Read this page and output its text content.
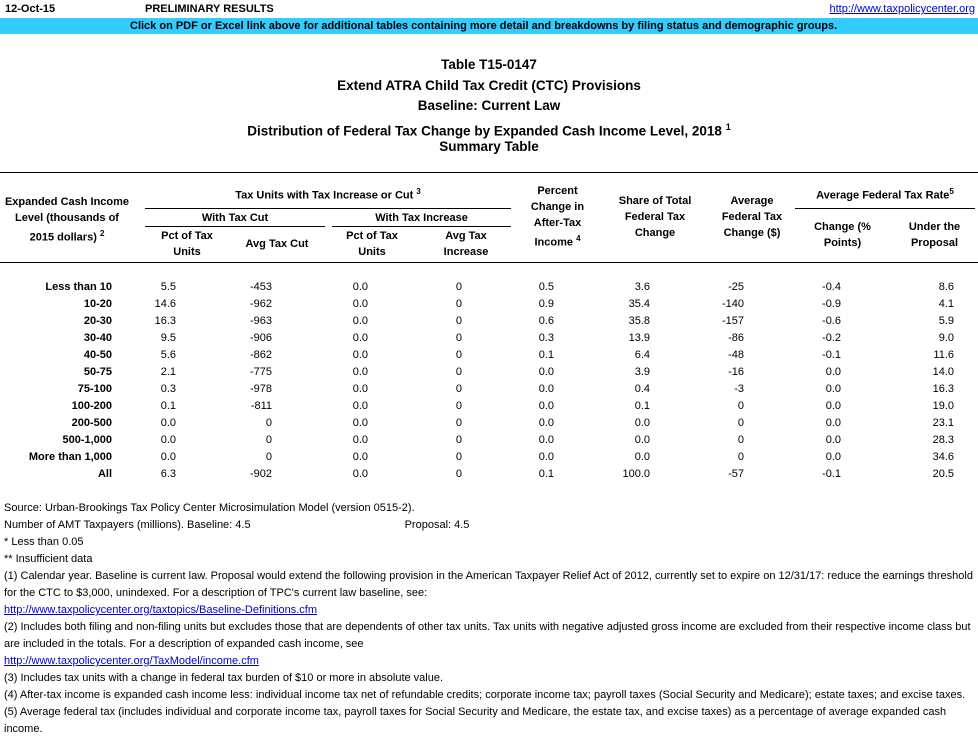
12-Oct-15	PRELIMINARY RESULTS	http://www.taxpolicycenter.org
Click on PDF or Excel link above for additional tables containing more detail and breakdowns by filing status and demographic groups.
Table T15-0147
Extend ATRA Child Tax Credit (CTC) Provisions
Baseline: Current Law
Distribution of Federal Tax Change by Expanded Cash Income Level, 2018 $^1$
Summary Table
Expanded Cash Income Level (thousands of 2015 dollars) $^2$
Tax Units with Tax Increase or Cut $^3$
With Tax Cut	With Tax Increase
Pct of Tax Units
Avg Tax Cut
Pct of Tax Units
Avg Tax Increase
Percent Change in After-Tax Income $^4$
Share of Total Federal Tax Change
Average Federal Tax Change ($)
Average Federal Tax Rate$^5$
Change (% Points)
Under the Proposal
Less than 10	5.5	-453	0.0	0	0.5	3.6	-25	-0.4	8.6
10-20	14.6	-962	0.0	0	0.9	35.4	-140	-0.9	4.1
20-30	16.3	-963	0.0	0	0.6	35.8	-157	-0.6	5.9
30-40	9.5	-906	0.0	0	0.3	13.9	-86	-0.2	9.0
40-50	5.6	-862	0.0	0	0.1	6.4	-48	-0.1	11.6
50-75	2.1	-775	0.0	0	0.0	3.9	-16	0.0	14.0
75-100	0.3	-978	0.0	0	0.0	0.4	-3	0.0	16.3
100-200	0.1	-811	0.0	0	0.0	0.1	0	0.0	19.0
200-500	0.0	0	0.0	0	0.0	0.0	0	0.0	23.1
500-1,000	0.0	0	0.0	0	0.0	0.0	0	0.0	28.3
More than 1,000	0.0	0	0.0	0	0.0	0.0	0	0.0	34.6
All	6.3	-902	0.0	0	0.1	100.0	-57	-0.1	20.5
Source: Urban-Brookings Tax Policy Center Microsimulation Model (version 0515-2).
Number of AMT Taxpayers (millions). Baseline: 4.5	Proposal: 4.5
* Less than 0.05
** Insufficient data
(1) Calendar year. Baseline is current law. Proposal would extend the following provision in the American Taxpayer Relief Act of 2012, currently set to expire on 12/31/17: reduce the earnings threshold for the CTC to $3,000, unindexed. For a description of TPC's current law baseline, see:
http://www.taxpolicycenter.org/taxtopics/Baseline-Definitions.cfm
(2) Includes both filing and non-filing units but excludes those that are dependents of other tax units. Tax units with negative adjusted gross income are excluded from their respective income class but are included in the totals. For a description of expanded cash income, see
http://www.taxpolicycenter.org/TaxModel/income.cfm
(3) Includes tax units with a change in federal tax burden of $10 or more in absolute value.
(4) After-tax income is expanded cash income less: individual income tax net of refundable credits; corporate income tax; payroll taxes (Social Security and Medicare); estate taxes; and excise taxes.
(5) Average federal tax (includes individual and corporate income tax, payroll taxes for Social Security and Medicare, the estate tax, and excise taxes) as a percentage of average expanded cash income.
